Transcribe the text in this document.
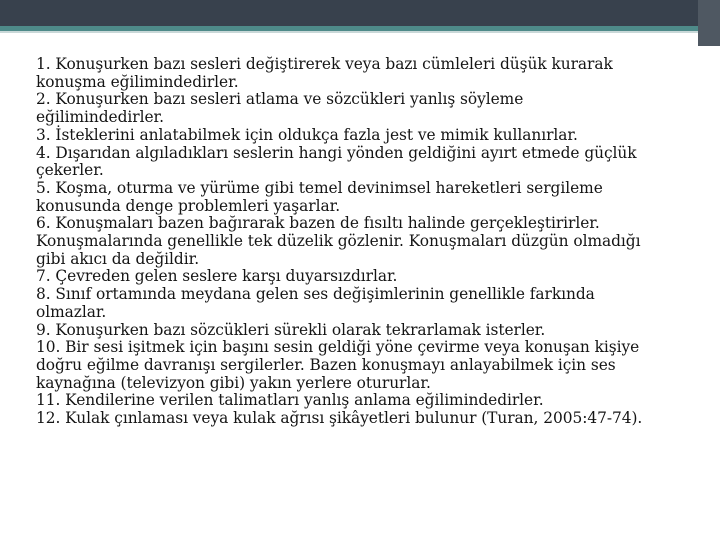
1. Konuşurken bazı sesleri değiştirerek veya bazı cümleleri düşük kurarak
konuşma eğilimindedirler.
2. Konuşurken bazı sesleri atlama ve sözcükleri yanlış söyleme
eğilimindedirler.
3. İsteklerini anlatabilmek için oldukça fazla jest ve mimik kullanırlar.
4. Dışarıdan algıladıkları seslerin hangi yönden geldiğini ayırt etmede güçlük
çekerler.
5. Koşma, oturma ve yürüme gibi temel devinimsel hareketleri sergileme
konusunda denge problemleri yaşarlar.
6. Konuşmaları bazen bağırarak bazen de fısıltı halinde gerçekleştirirler.
Konuşmalarında genellikle tek düzelik gözlenir. Konuşmaları düzgün olmadığı
gibi akıcı da değildir.
7. Çevreden gelen seslere karşı duyarsızdırlar.
8. Sınıf ortamında meydana gelen ses değişimlerinin genellikle farkında
olmazlar.
9. Konuşurken bazı sözcükleri sürekli olarak tekrarlamak isterler.
10. Bir sesi işitmek için başını sesin geldiği yöne çevirme veya konuşan kişiye
doğru eğilme davranışı sergilerler. Bazen konuşmayı anlayabilmek için ses
kaynağına (televizyon gibi) yakın yerlere otururlar.
11. Kendilerine verilen talimatları yanlış anlama eğilimindedirler.
12. Kulak çınlaması veya kulak ağrısı şikâyetleri bulunur (Turan, 2005:47-74).
